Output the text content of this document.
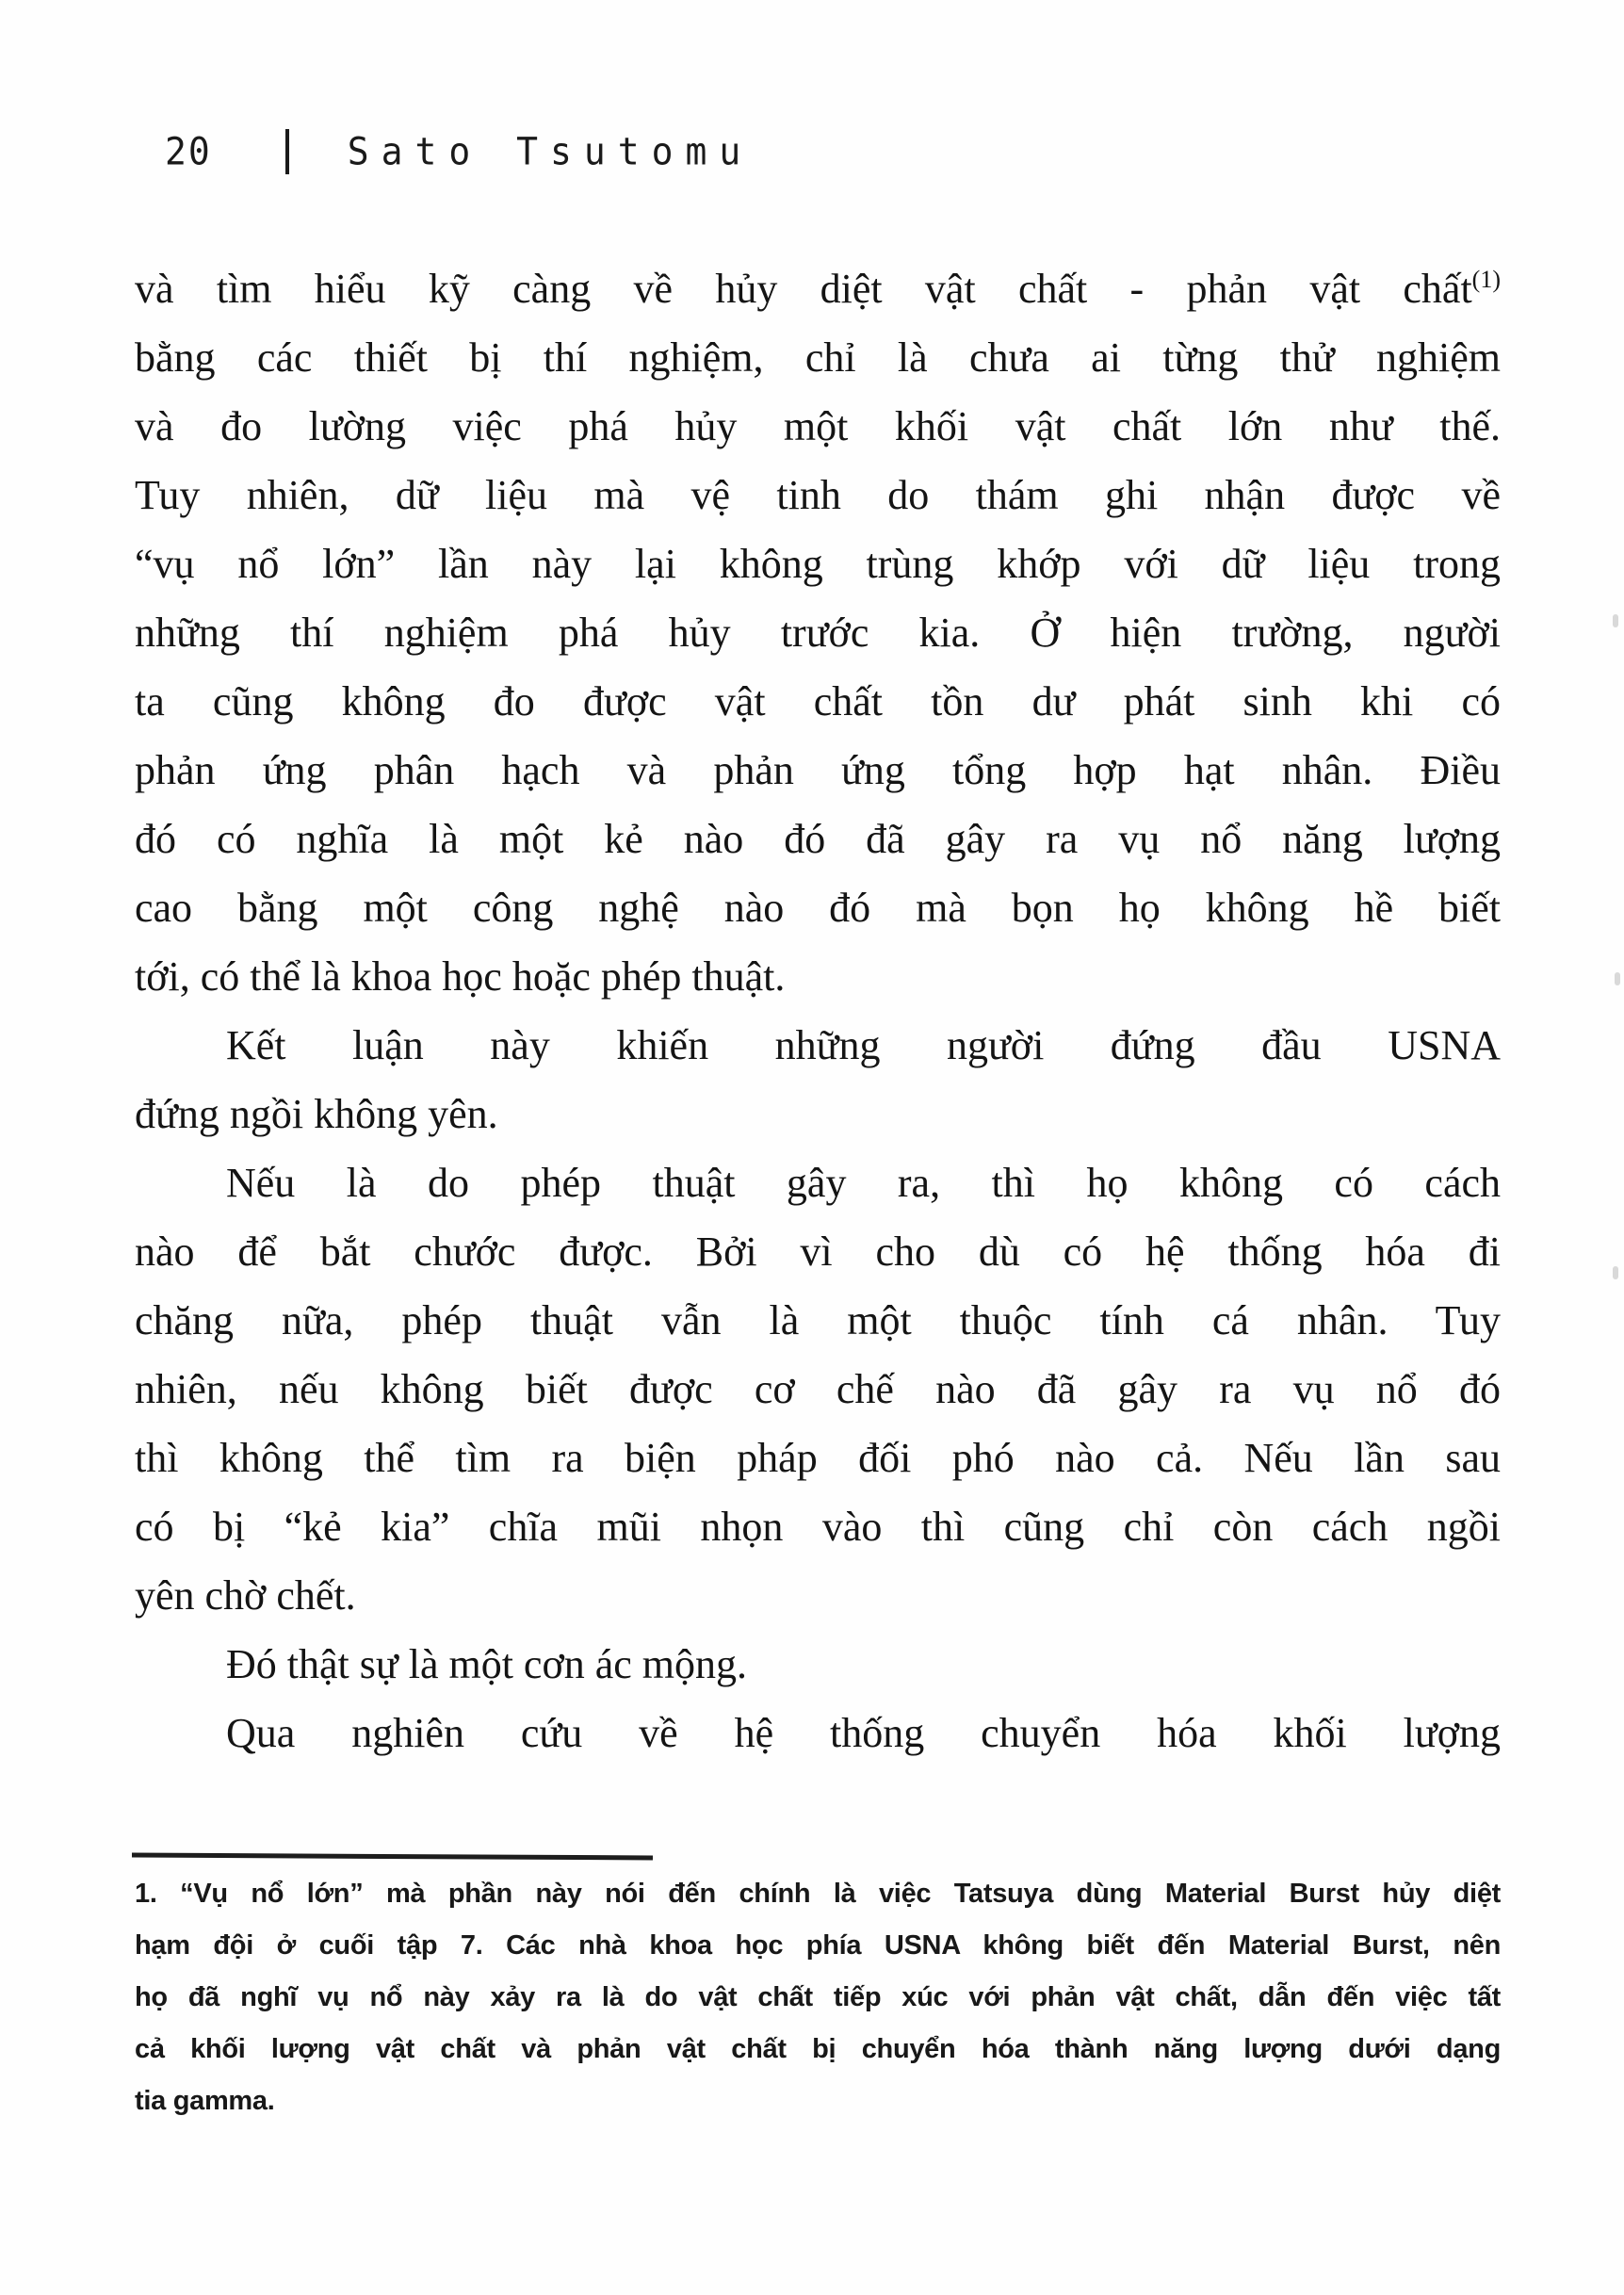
20	Sato Tsutomu
và tìm hiểu kỹ càng về hủy diệt vật chất - phản vật chất$^{(1)}$
bằng các thiết bị thí nghiệm, chỉ là chưa ai từng thử nghiệm
và đo lường việc phá hủy một khối vật chất lớn như thế.
Tuy nhiên, dữ liệu mà vệ tinh do thám ghi nhận được về
“vụ nổ lớn” lần này lại không trùng khớp với dữ liệu trong
những thí nghiệm phá hủy trước kia. Ở hiện trường, người
ta cũng không đo được vật chất tồn dư phát sinh khi có
phản ứng phân hạch và phản ứng tổng hợp hạt nhân. Điều
đó có nghĩa là một kẻ nào đó đã gây ra vụ nổ năng lượng
cao bằng một công nghệ nào đó mà bọn họ không hề biết
tới, có thể là khoa học hoặc phép thuật.
Kết luận này khiến những người đứng đầu USNA
đứng ngồi không yên.
Nếu là do phép thuật gây ra, thì họ không có cách
nào để bắt chước được. Bởi vì cho dù có hệ thống hóa đi
chăng nữa, phép thuật vẫn là một thuộc tính cá nhân. Tuy
nhiên, nếu không biết được cơ chế nào đã gây ra vụ nổ đó
thì không thể tìm ra biện pháp đối phó nào cả. Nếu lần sau
có bị “kẻ kia” chĩa mũi nhọn vào thì cũng chỉ còn cách ngồi
yên chờ chết.
Đó thật sự là một cơn ác mộng.
Qua nghiên cứu về hệ thống chuyển hóa khối lượng
1. “Vụ nổ lớn” mà phần này nói đến chính là việc Tatsuya dùng Material Burst hủy diệt
hạm đội ở cuối tập 7. Các nhà khoa học phía USNA không biết đến Material Burst, nên
họ đã nghĩ vụ nổ này xảy ra là do vật chất tiếp xúc với phản vật chất, dẫn đến việc tất
cả khối lượng vật chất và phản vật chất bị chuyển hóa thành năng lượng dưới dạng
tia gamma.
